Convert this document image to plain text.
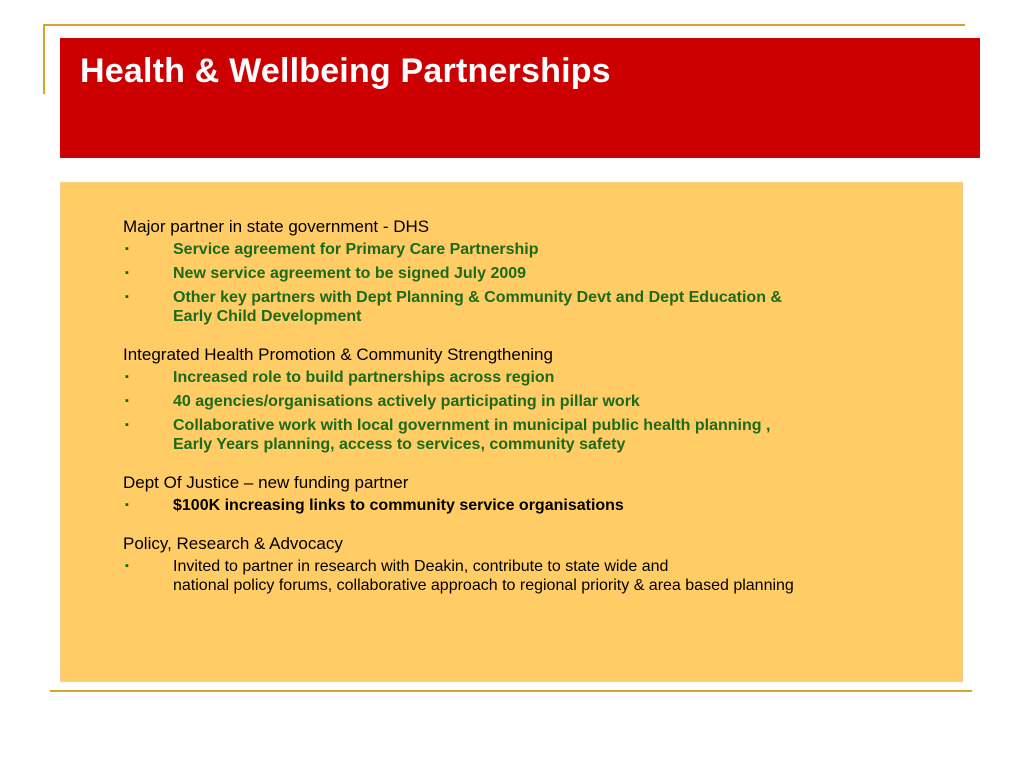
Health & Wellbeing Partnerships
Major partner in state government - DHS
▪	Service agreement for Primary Care Partnership
▪	New service agreement to be signed July 2009
▪	Other key partners with Dept Planning & Community Devt and Dept Education &
Early Child Development
Integrated Health Promotion & Community Strengthening
▪	Increased role to build partnerships across region
▪	40 agencies/organisations actively participating in pillar work
▪	Collaborative work with local government in municipal public health planning ,
Early Years planning, access to services, community safety
Dept Of Justice – new funding partner
▪	$100K increasing links to community service organisations
Policy, Research & Advocacy
▪	Invited to partner in research with Deakin, contribute to state wide and
national policy forums, collaborative approach to regional priority & area based planning
